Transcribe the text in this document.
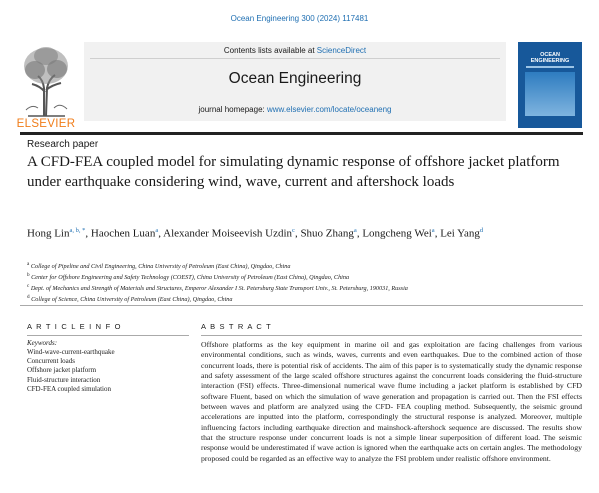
Ocean Engineering 300 (2024) 117481
ELSEVIER
Contents lists available at ScienceDirect
Ocean Engineering
journal homepage: www.elsevier.com/locate/oceaneng
OCEAN
ENGINEERING
Research paper
A CFD-FEA coupled model for simulating dynamic response of offshore jacket platform under earthquake considering wind, wave, current and aftershock loads
Hong Lin$^{a, b, *}$, Haochen Luan$^a$, Alexander Moiseevish Uzdin$^c$, Shuo Zhang$^a$, Longcheng Wei$^a$, Lei Yang$^d$
$^a$ College of Pipeline and Civil Engineering, China University of Petroleum (East China), Qingdao, China
$^b$ Center for Offshore Engineering and Safety Technology (COEST), China University of Petroleum (East China), Qingdao, China
$^c$ Dept. of Mechanics and Strength of Materials and Structures, Emperor Alexander I St. Petersburg State Transport Univ., St. Petersburg, 190031, Russia
$^d$ College of Science, China University of Petroleum (East China), Qingdao, China
A R T I C L E I N F O	A B S T R A C T
Keywords:
Wind-wave-current-earthquake
Concurrent loads
Offshore jacket platform
Fluid-structure interaction
CFD-FEA coupled simulation
Offshore platforms as the key equipment in marine oil and gas exploitation are facing challenges from various environmental conditions, such as winds, waves, currents and even earthquakes. Due to the combined action of those concurrent loads, there is potential risk of accidents. The aim of this paper is to systematically study the dynamic response and safety assessment of the large scaled offshore structures against the concurrent loads considering the fluid-structure interaction (FSI) effects. Three-dimensional numerical wave flume including a jacket platform is established by CFD software Fluent, based on which the simulation of wave generation and propagation is carried out. Then the FSI effects between waves and platform are analyzed using the CFD- FEA coupling method. Subsequently, the seismic ground accelerations are inputted into the platform, correspondingly the structural response is analyzed. Moreover, multiple influencing factors including earthquake direction and mainshock-aftershock sequence are discussed. The results show that the structure response under concurrent loads is not a simple linear superposition of different load. The seismic response would be underestimated if wave action is ignored when the earthquake acts on certain angles. The methodology proposed could be regarded as an effective way to analyze the FSI problem under realistic offshore environment.
